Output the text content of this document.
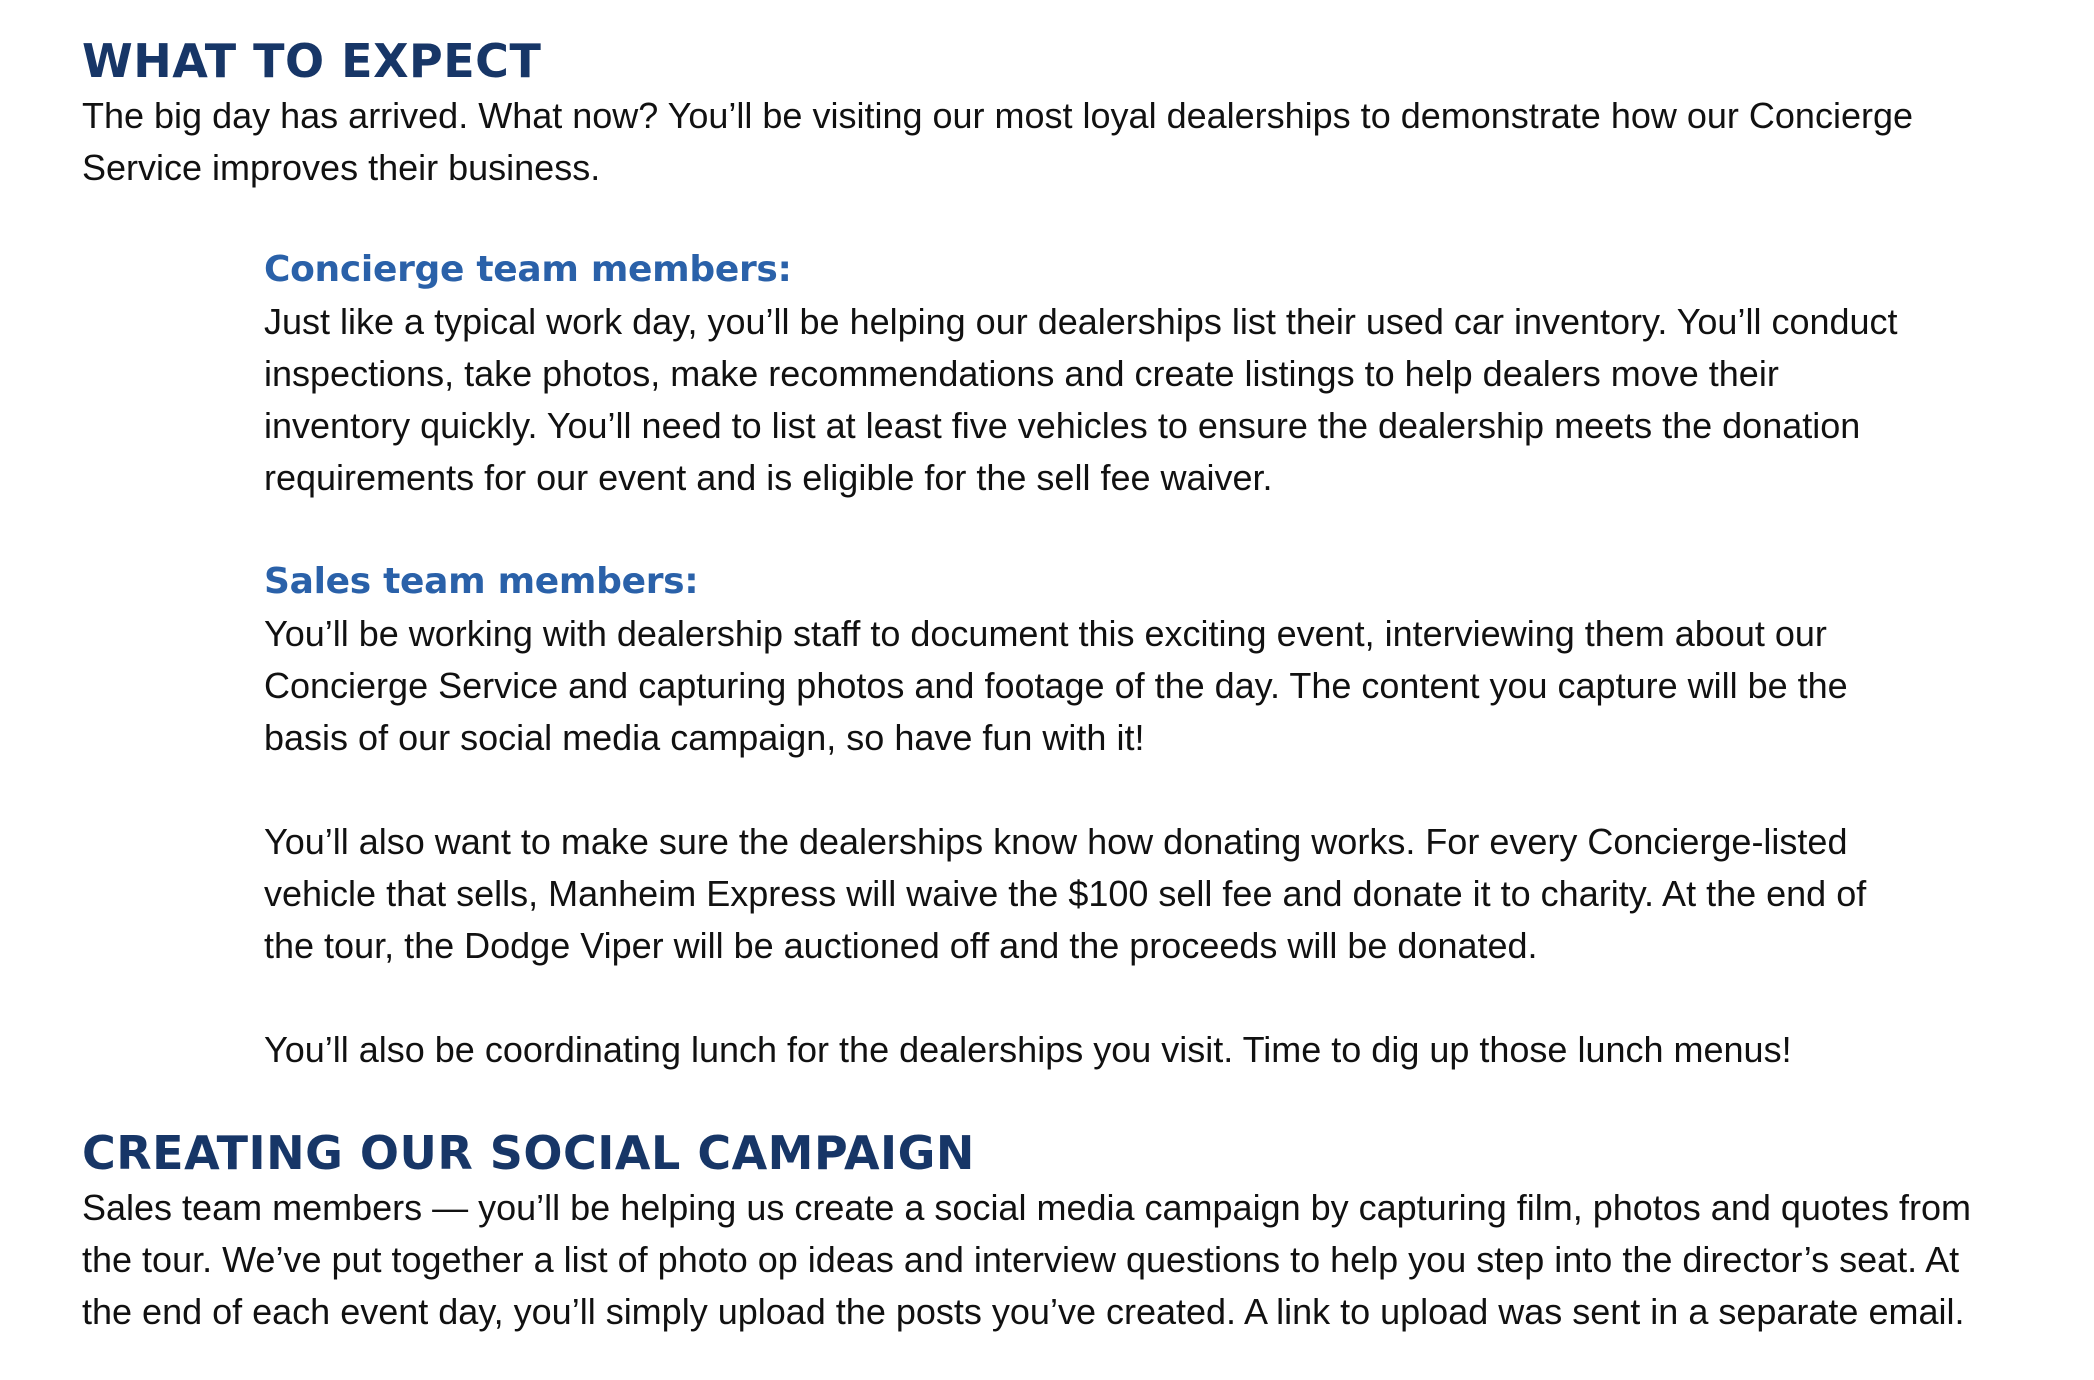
WHAT TO EXPECT

The big day has arrived. What now? You’ll be visiting our most loyal dealerships to demonstrate how our Concierge Service improves their business.

Concierge team members:

Just like a typical work day, you’ll be helping our dealerships list their used car inventory. You’ll conduct inspections, take photos, make recommendations and create listings to help dealers move their inventory quickly. You’ll need to list at least five vehicles to ensure the dealership meets the donation requirements for our event and is eligible for the sell fee waiver.

Sales team members:

You’ll be working with dealership staff to document this exciting event, interviewing them about our Concierge Service and capturing photos and footage of the day. The content you capture will be the basis of our social media campaign, so have fun with it!

You’ll also want to make sure the dealerships know how donating works. For every Concierge-listed vehicle that sells, Manheim Express will waive the $100 sell fee and donate it to charity. At the end of the tour, the Dodge Viper will be auctioned off and the proceeds will be donated.

You’ll also be coordinating lunch for the dealerships you visit. Time to dig up those lunch menus!

CREATING OUR SOCIAL CAMPAIGN

Sales team members — you’ll be helping us create a social media campaign by capturing film, photos and quotes from the tour. We’ve put together a list of photo op ideas and interview questions to help you step into the director’s seat. At the end of each event day, you’ll simply upload the posts you’ve created. A link to upload was sent in a separate email.
